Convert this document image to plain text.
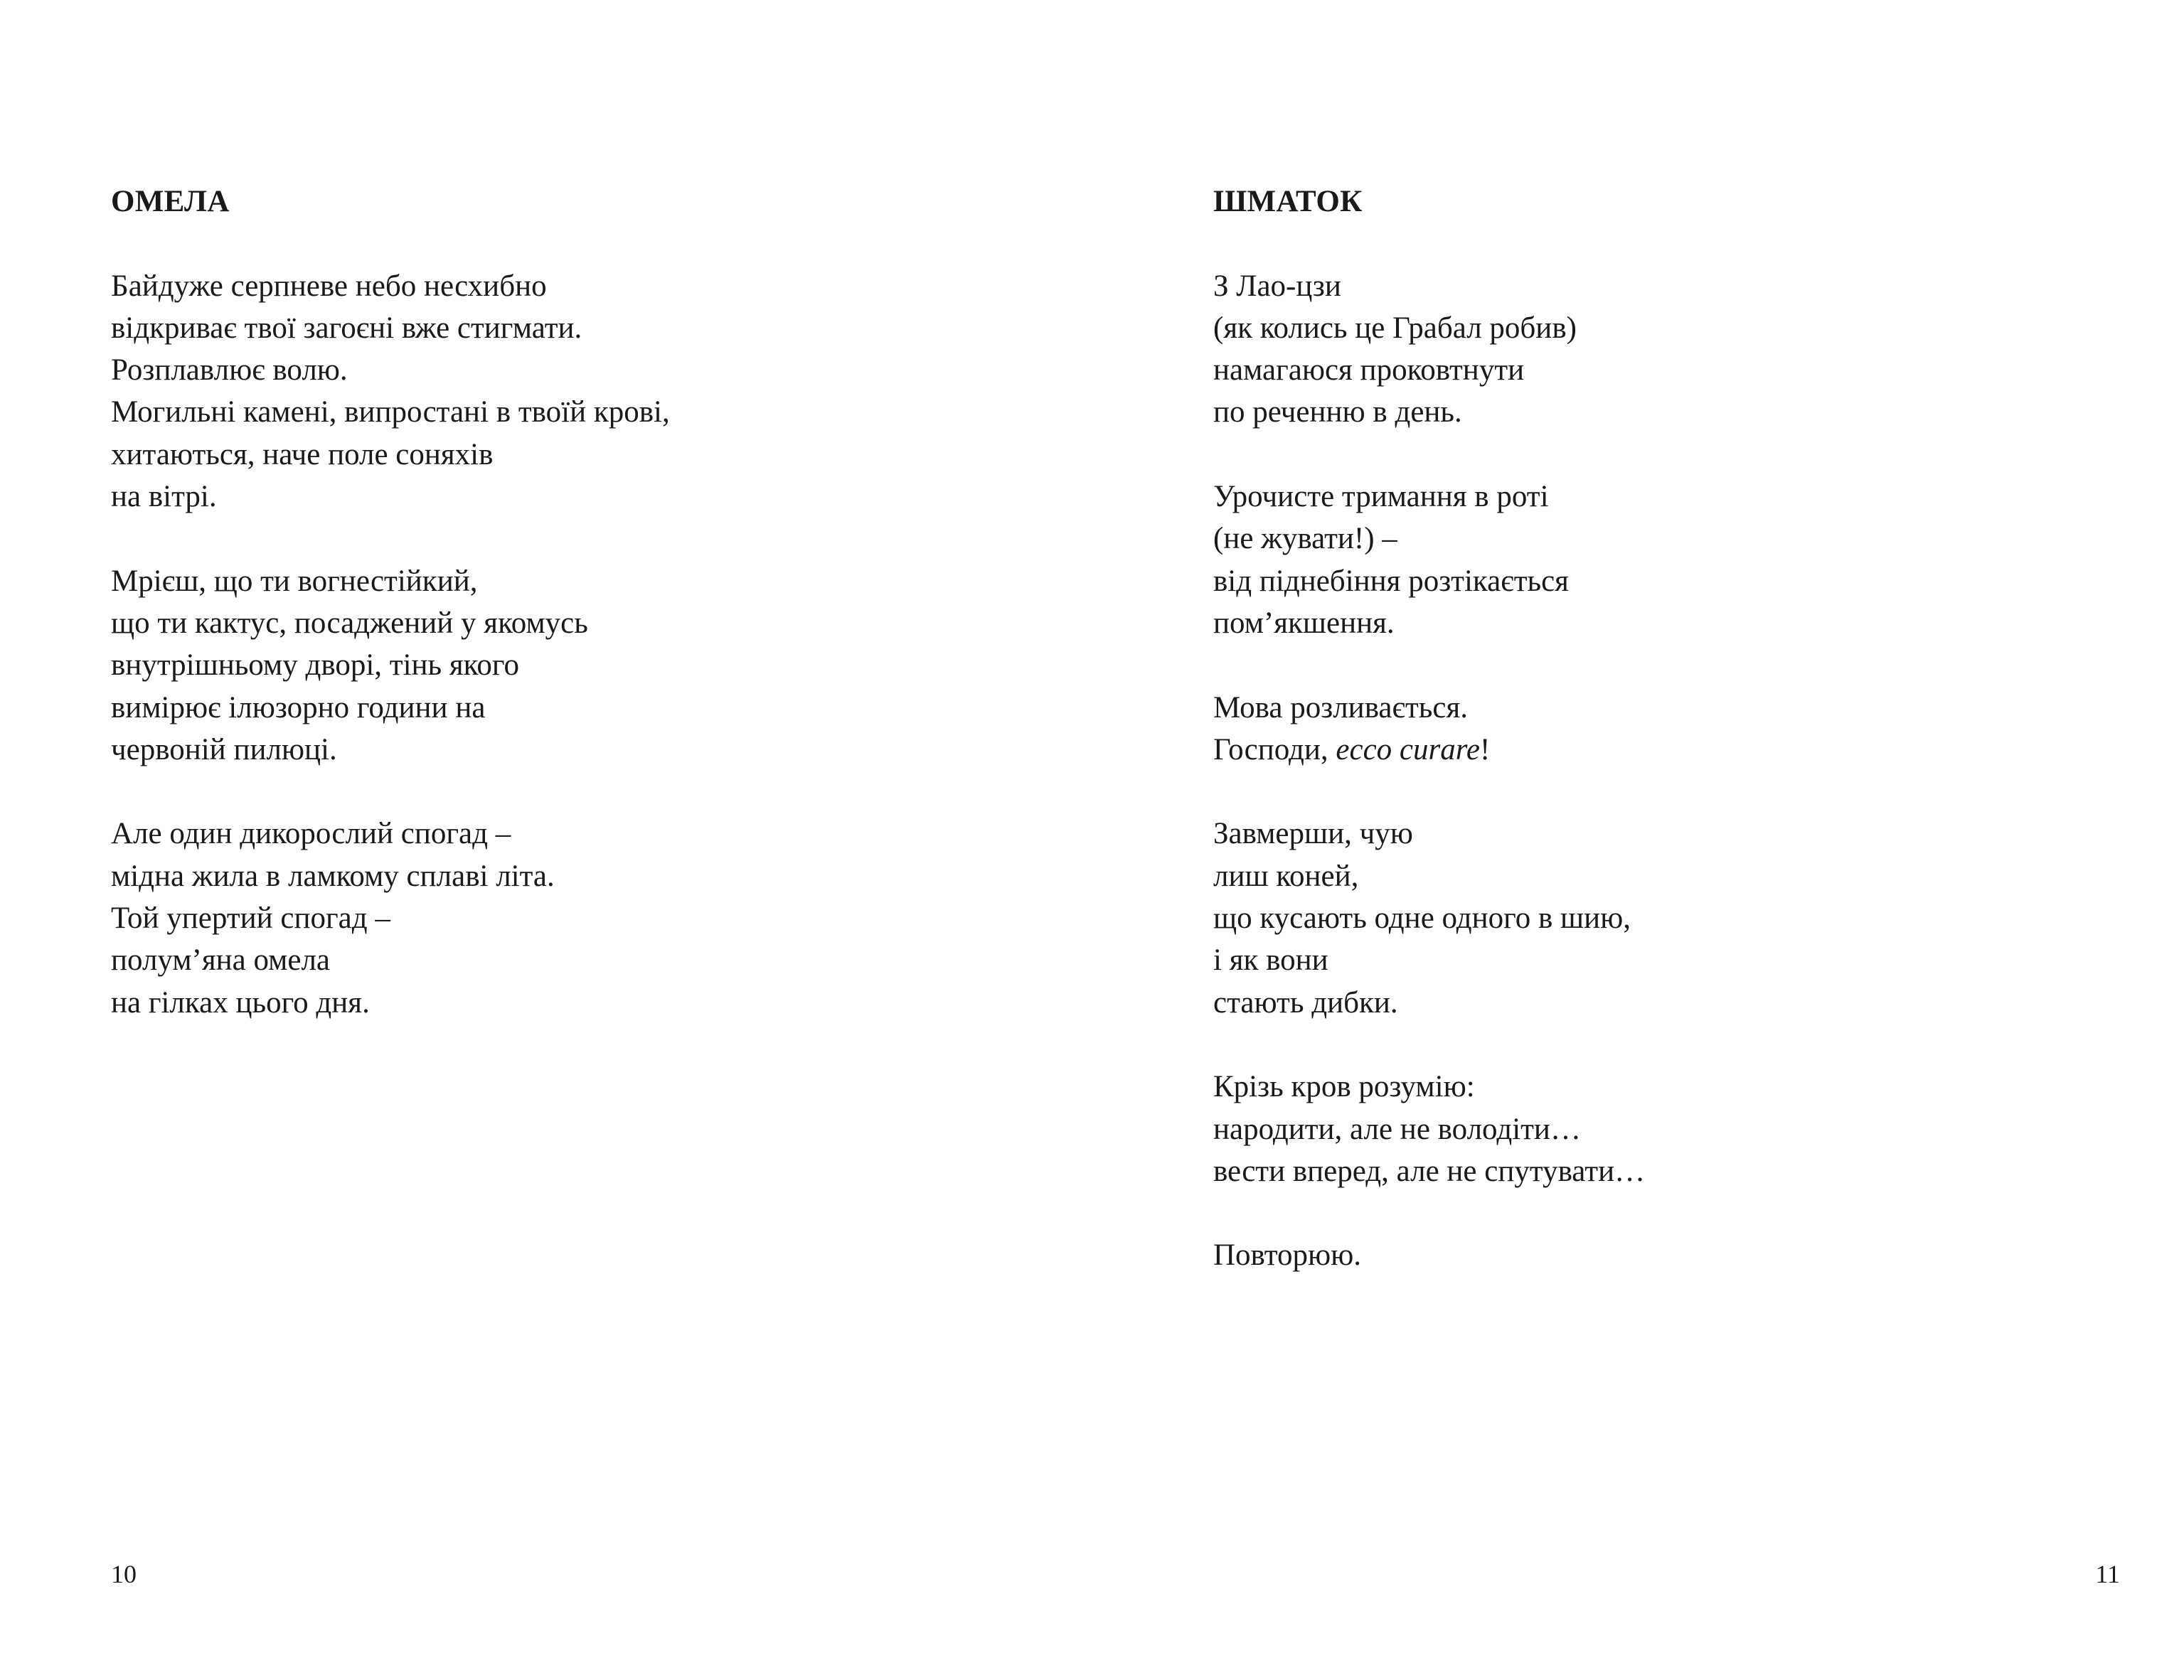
ОМЕЛА
Байдуже серпневе небо несхибно
відкриває твої загоєні вже стигмати.
Розплавлює волю.
Могильні камені, випростані в твоїй крові,
хитаються, наче поле соняхів
на вітрі.
Мрієш, що ти вогнестійкий,
що ти кактус, посаджений у якомусь
внутрішньому дворі, тінь якого
вимірює ілюзорно години на
червоній пилюці.
Але один дикорослий спогад –
мідна жила в ламкому сплаві літа.
Той упертий спогад –
полум’яна омела
на гілках цього дня.
10
ШМАТОК
З Лао-цзи
(як колись це Грабал робив)
намагаюся проковтнути
по реченню в день.
Урочисте тримання в роті
(не жувати!) –
від піднебіння розтікається
пом’якшення.
Мова розливається.
Господи, ecco curare!
Завмерши, чую
лиш коней,
що кусають одне одного в шию,
і як вони
стають дибки.
Крізь кров розумію:
народити, але не володіти…
вести вперед, але не спутувати…
Повторюю.
11
